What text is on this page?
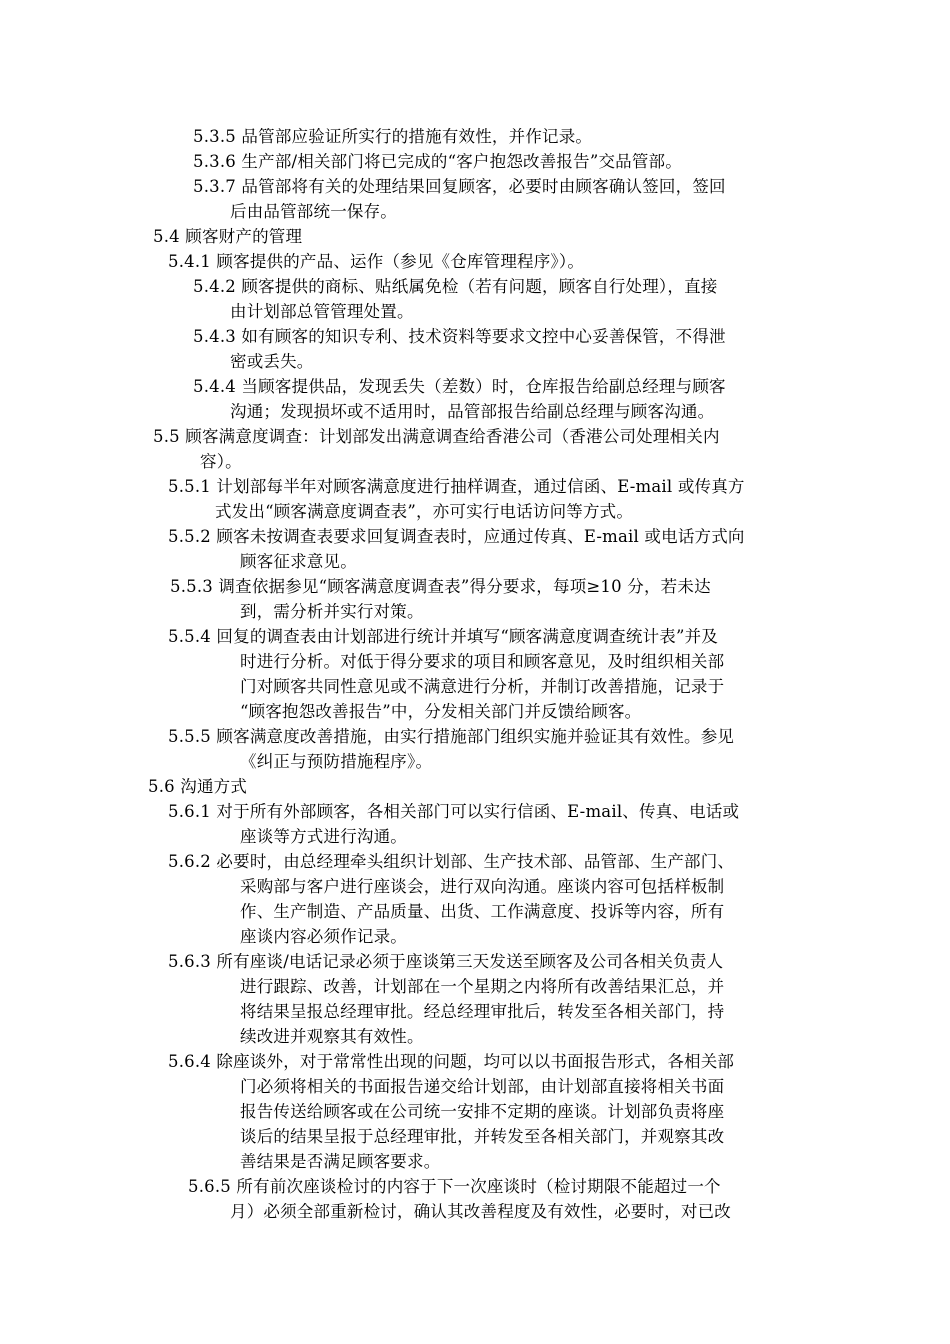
5.3.5 品管部应验证所实行的措施有效性，并作记录。
5.3.6 生产部/相关部门将已完成的“客户抱怨改善报告”交品管部。
5.3.7 品管部将有关的处理结果回复顾客，必要时由顾客确认签回，签回
后由品管部统一保存。
5.4 顾客财产的管理
5.4.1 顾客提供的产品、运作（参见《仓库管理程序》）。
5.4.2 顾客提供的商标、贴纸属免检（若有问题，顾客自行处理），直接
由计划部总管管理处置。
5.4.3 如有顾客的知识专利、技术资料等要求文控中心妥善保管，不得泄
密或丢失。
5.4.4 当顾客提供品，发现丢失（差数）时，仓库报告给副总经理与顾客
沟通；发现损坏或不适用时，品管部报告给副总经理与顾客沟通。
5.5 顾客满意度调查：计划部发出满意调查给香港公司（香港公司处理相关内
容）。
5.5.1 计划部每半年对顾客满意度进行抽样调查，通过信函、E-mail 或传真方
式发出“顾客满意度调查表”，亦可实行电话访问等方式。
5.5.2 顾客未按调查表要求回复调查表时，应通过传真、E-mail 或电话方式向
顾客征求意见。
5.5.3 调查依据参见“顾客满意度调查表”得分要求，每项≥10 分，若未达
到，需分析并实行对策。
5.5.4 回复的调查表由计划部进行统计并填写“顾客满意度调查统计表”并及
时进行分析。对低于得分要求的项目和顾客意见，及时组织相关部
门对顾客共同性意见或不满意进行分析，并制订改善措施，记录于
“顾客抱怨改善报告”中，分发相关部门并反馈给顾客。
5.5.5 顾客满意度改善措施，由实行措施部门组织实施并验证其有效性。参见
《纠正与预防措施程序》。
5.6 沟通方式
5.6.1 对于所有外部顾客，各相关部门可以实行信函、E-mail、传真、电话或
座谈等方式进行沟通。
5.6.2 必要时，由总经理牵头组织计划部、生产技术部、品管部、生产部门、
采购部与客户进行座谈会，进行双向沟通。座谈内容可包括样板制
作、生产制造、产品质量、出货、工作满意度、投诉等内容，所有
座谈内容必须作记录。
5.6.3 所有座谈/电话记录必须于座谈第三天发送至顾客及公司各相关负责人
进行跟踪、改善，计划部在一个星期之内将所有改善结果汇总，并
将结果呈报总经理审批。经总经理审批后，转发至各相关部门，持
续改进并观察其有效性。
5.6.4 除座谈外，对于常常性出现的问题，均可以以书面报告形式，各相关部
门必须将相关的书面报告递交给计划部，由计划部直接将相关书面
报告传送给顾客或在公司统一安排不定期的座谈。计划部负责将座
谈后的结果呈报于总经理审批，并转发至各相关部门，并观察其改
善结果是否满足顾客要求。
5.6.5 所有前次座谈检讨的内容于下一次座谈时（检讨期限不能超过一个
月）必须全部重新检讨，确认其改善程度及有效性，必要时，对已改
